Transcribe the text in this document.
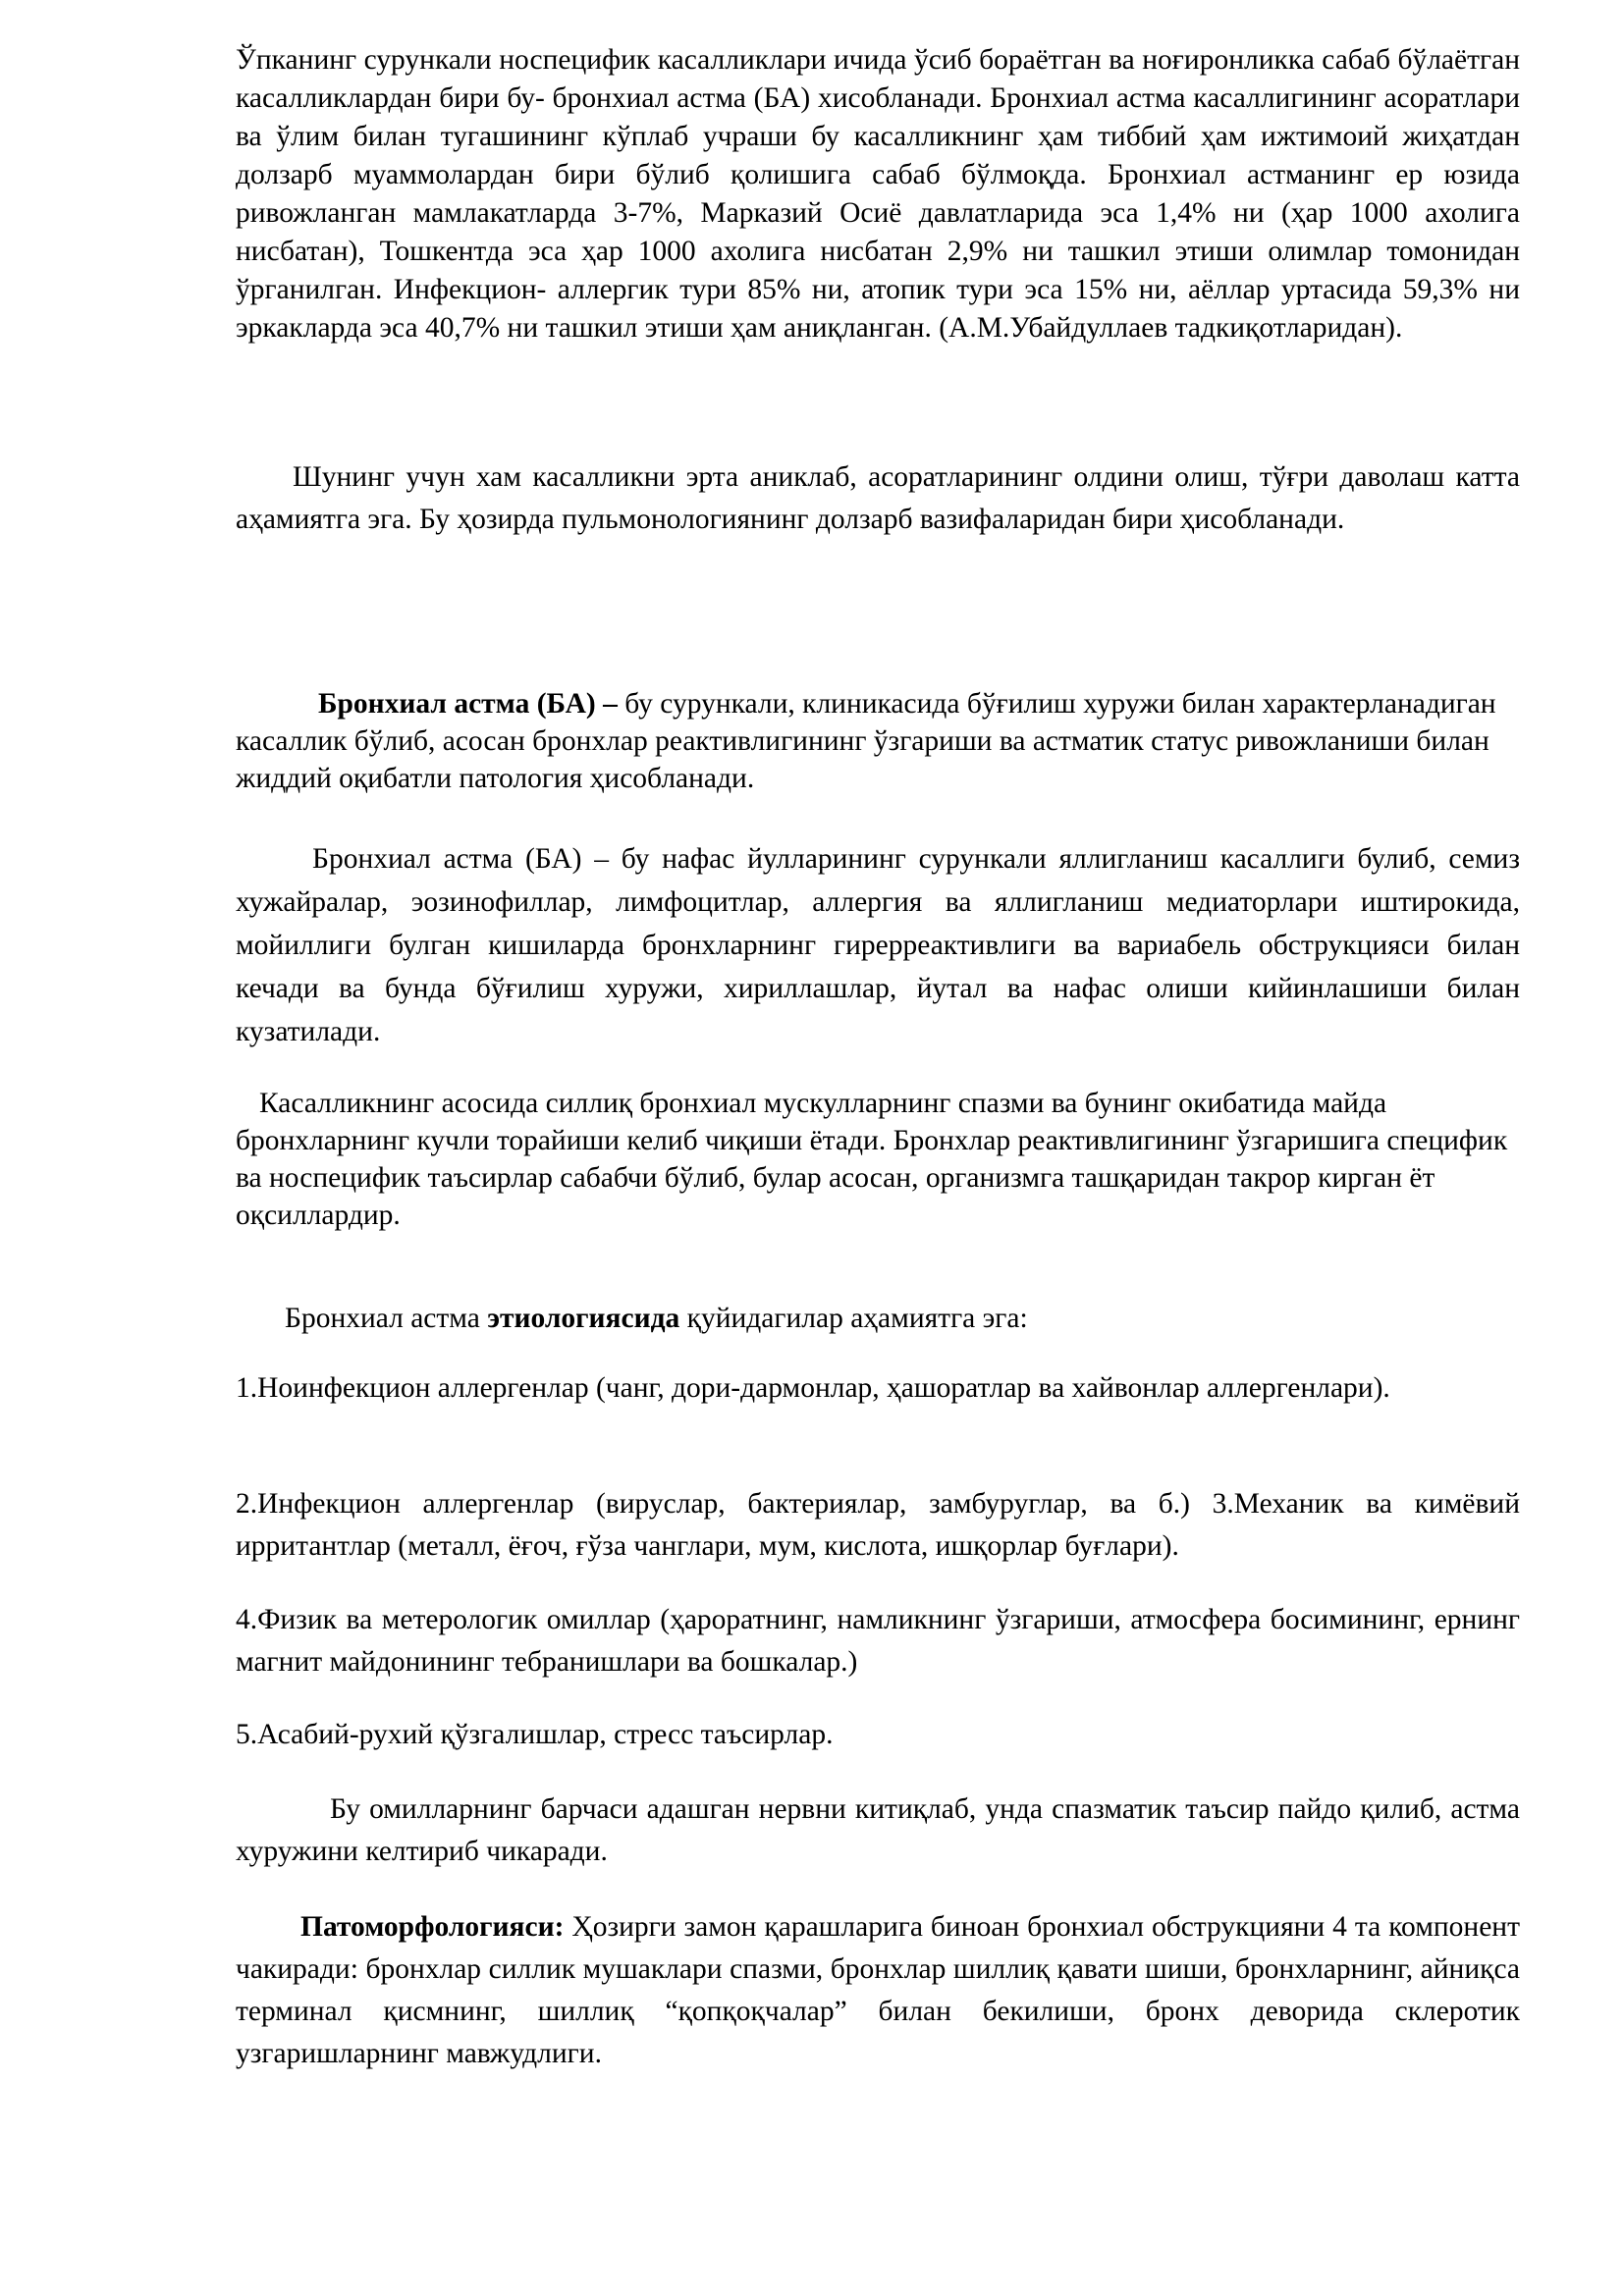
Ўпканинг сурункали носпецифик касалликлари ичида ўсиб бораётган ва ноғиронликка сабаб бўлаётган касалликлардан бири бу- бронхиал астма (БА) хисобланади. Бронхиал астма касаллигининг асоратлари ва ўлим билан тугашининг кўплаб учраши бу касалликнинг ҳам тиббий ҳам ижтимоий жиҳатдан долзарб муаммолардан бири бўлиб қолишига сабаб бўлмоқда. Бронхиал астманинг ер юзида ривожланган мамлакатларда 3-7%, Марказий Осиё давлатларида эса 1,4% ни (ҳар 1000 ахолига нисбатан), Тошкентда эса ҳар 1000 ахолига нисбатан 2,9% ни ташкил этиши олимлар томонидан ўрганилган. Инфекцион- аллергик тури 85% ни, атопик тури эса 15% ни, аёллар уртасида 59,3% ни эркакларда эса 40,7% ни ташкил этиши ҳам аниқланган. (А.М.Убайдуллаев тадкиқотларидан).

Шунинг учун хам касалликни эрта аниклаб, асоратларининг олдини олиш, тўғри даволаш катта аҳамиятга эга. Бу ҳозирда пульмонологиянинг долзарб вазифаларидан бири ҳисобланади.

Бронхиал астма (БА) – бу сурункали, клиникасида бўғилиш хуружи билан характерланадиган касаллик бўлиб, асосан бронхлар реактивлигининг ўзгариши ва астматик статус ривожланиши билан жиддий оқибатли патология ҳисобланади.

Бронхиал астма (БА) – бу нафас йулларининг сурункали яллигланиш касаллиги булиб, семиз хужайралар, эозинофиллар, лимфоцитлар, аллергия ва яллигланиш медиаторлари иштирокида, мойиллиги булган кишиларда бронхларнинг гирерреактивлиги ва вариабель обструкцияси билан кечади ва бунда бўғилиш хуружи, хириллашлар, йутал ва нафас олиши кийинлашиши билан кузатилади.

Касалликнинг асосида силлиқ бронхиал мускулларнинг спазми ва бунинг окибатида майда бронхларнинг кучли торайиши келиб чиқиши ётади. Бронхлар реактивлигининг ўзгаришига специфик ва носпецифик таъсирлар сабабчи бўлиб, булар асосан, организмга ташқаридан такрор кирган ёт оқсиллардир.

Бронхиал астма этиологиясида қуйидагилар аҳамиятга эга:

1.Ноинфекцион аллергенлар (чанг, дори-дармонлар, ҳашоратлар ва хайвонлар аллергенлари).

2.Инфекцион аллергенлар (вируслар, бактериялар, замбуруглар, ва б.) 3.Механик ва кимёвий ирритантлар (металл, ёғоч, ғўза чанглари, мум, кислота, ишқорлар буғлари).

4.Физик ва метерологик омиллар (ҳароратнинг, намликнинг ўзгариши, атмосфера босимининг, ернинг магнит майдонининг тебранишлари ва бошкалар.)

5.Асабий-рухий қўзгалишлар, стресс таъсирлар.

Бу омилларнинг барчаси адашган нервни китиқлаб, унда спазматик таъсир пайдо қилиб, астма хуружини келтириб чикаради.

Патоморфологияси: Ҳозирги замон қарашларига биноан бронхиал обструкцияни 4 та компонент чакиради: бронхлар силлик мушаклари спазми, бронхлар шиллиқ қавати шиши, бронхларнинг, айниқса терминал қисмнинг, шиллиқ “қопқоқчалар” билан бекилиши, бронх деворида склеротик узгаришларнинг мавжудлиги.
